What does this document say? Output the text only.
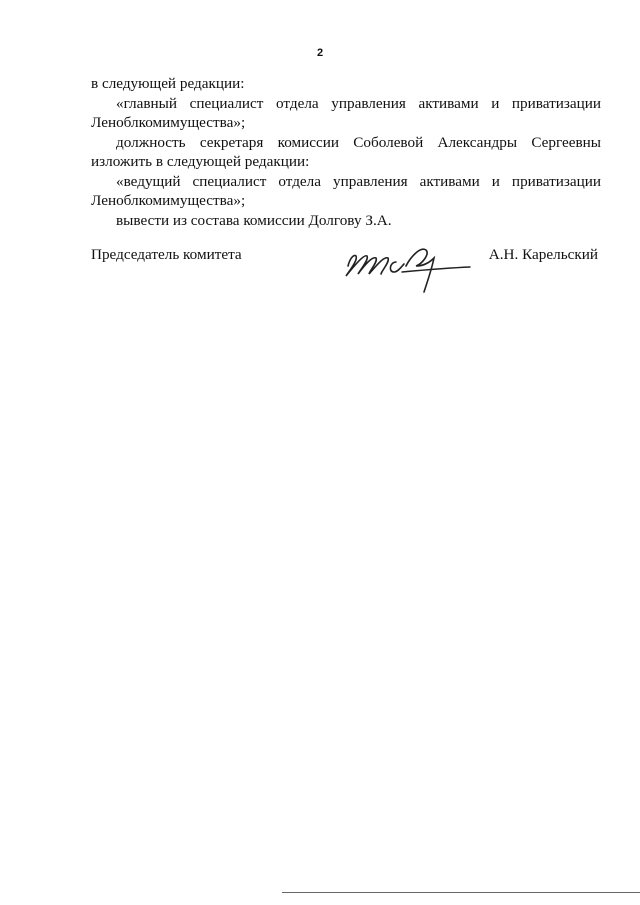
2

в следующей редакции:

«главный специалист отдела управления активами и приватизации Леноблкомимущества»;

должность секретаря комиссии Соболевой Александры Сергеевны изложить в следующей редакции:

«ведущий специалист отдела управления активами и приватизации Леноблкомимущества»;

вывести из состава комиссии Долгову З.А.

Председатель комитета	А.Н. Карельский
